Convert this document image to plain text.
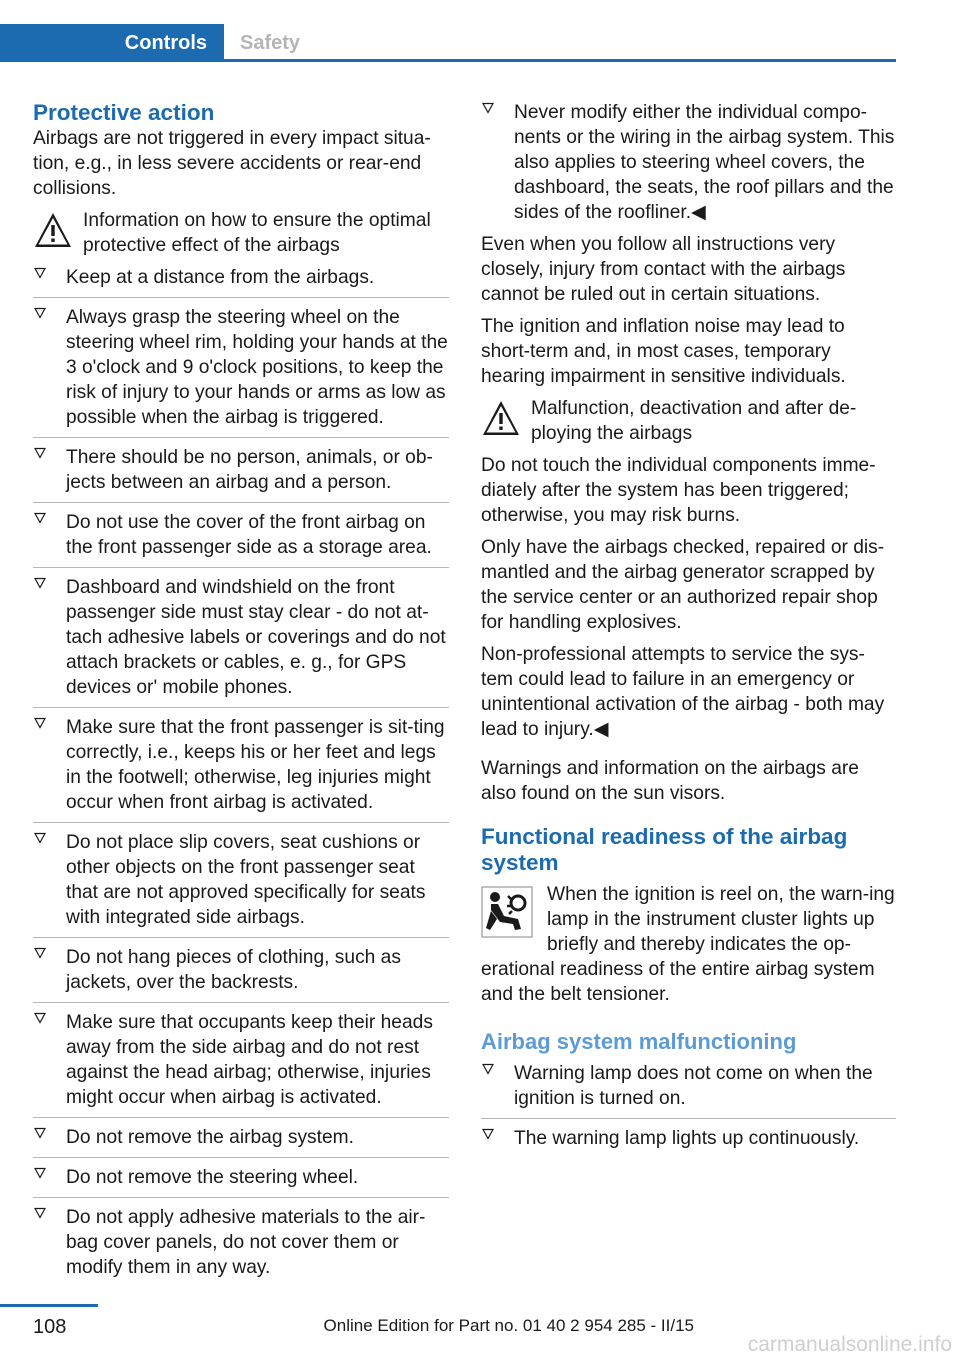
Controls	Safety
Protective action

Airbags are not triggered in every impact situa-tion, e.g., in less severe accidents or rear-end collisions.

Information on how to ensure the optimal protective effect of the airbags
Keep at a distance from the airbags.
Always grasp the steering wheel on the steering wheel rim, holding your hands at the 3 o'clock and 9 o'clock positions, to keep the risk of injury to your hands or arms as low as possible when the airbag is triggered.
There should be no person, animals, or ob-jects between an airbag and a person.
Do not use the cover of the front airbag on the front passenger side as a storage area.
Dashboard and windshield on the front passenger side must stay clear - do not at-tach adhesive labels or coverings and do not attach brackets or cables, e. g., for GPS devices or' mobile phones.
Make sure that the front passenger is sit-ting correctly, i.e., keeps his or her feet and legs in the footwell; otherwise, leg injuries might occur when front airbag is activated.
Do not place slip covers, seat cushions or other objects on the front passenger seat that are not approved specifically for seats with integrated side airbags.
Do not hang pieces of clothing, such as jackets, over the backrests.
Make sure that occupants keep their heads away from the side airbag and do not rest against the head airbag; otherwise, injuries might occur when airbag is activated.
Do not remove the airbag system.
Do not remove the steering wheel.
Do not apply adhesive materials to the air-bag cover panels, do not cover them or modify them in any way.
Never modify either the individual compo-nents or the wiring in the airbag system. This also applies to steering wheel covers, the dashboard, the seats, the roof pillars and the sides of the roofliner.◀

Even when you follow all instructions very closely, injury from contact with the airbags cannot be ruled out in certain situations.

The ignition and inflation noise may lead to short-term and, in most cases, temporary hearing impairment in sensitive individuals.

Malfunction, deactivation and after de-ploying the airbags

Do not touch the individual components imme-diately after the system has been triggered; otherwise, you may risk burns.

Only have the airbags checked, repaired or dis-mantled and the airbag generator scrapped by the service center or an authorized repair shop for handling explosives.

Non-professional attempts to service the sys-tem could lead to failure in an emergency or unintentional activation of the airbag - both may lead to injury.◀

Warnings and information on the airbags are also found on the sun visors.

Functional readiness of the airbag system
When the ignition is reel on, the warn-ing lamp in the instrument cluster lights up briefly and thereby indicates the op-erational readiness of the entire airbag system and the belt tensioner.
Airbag system malfunctioning
Warning lamp does not come on when the ignition is turned on.
The warning lamp lights up continuously.
108	Online Edition for Part no. 01 40 2 954 285 - II/15
carmanualsonline.info
